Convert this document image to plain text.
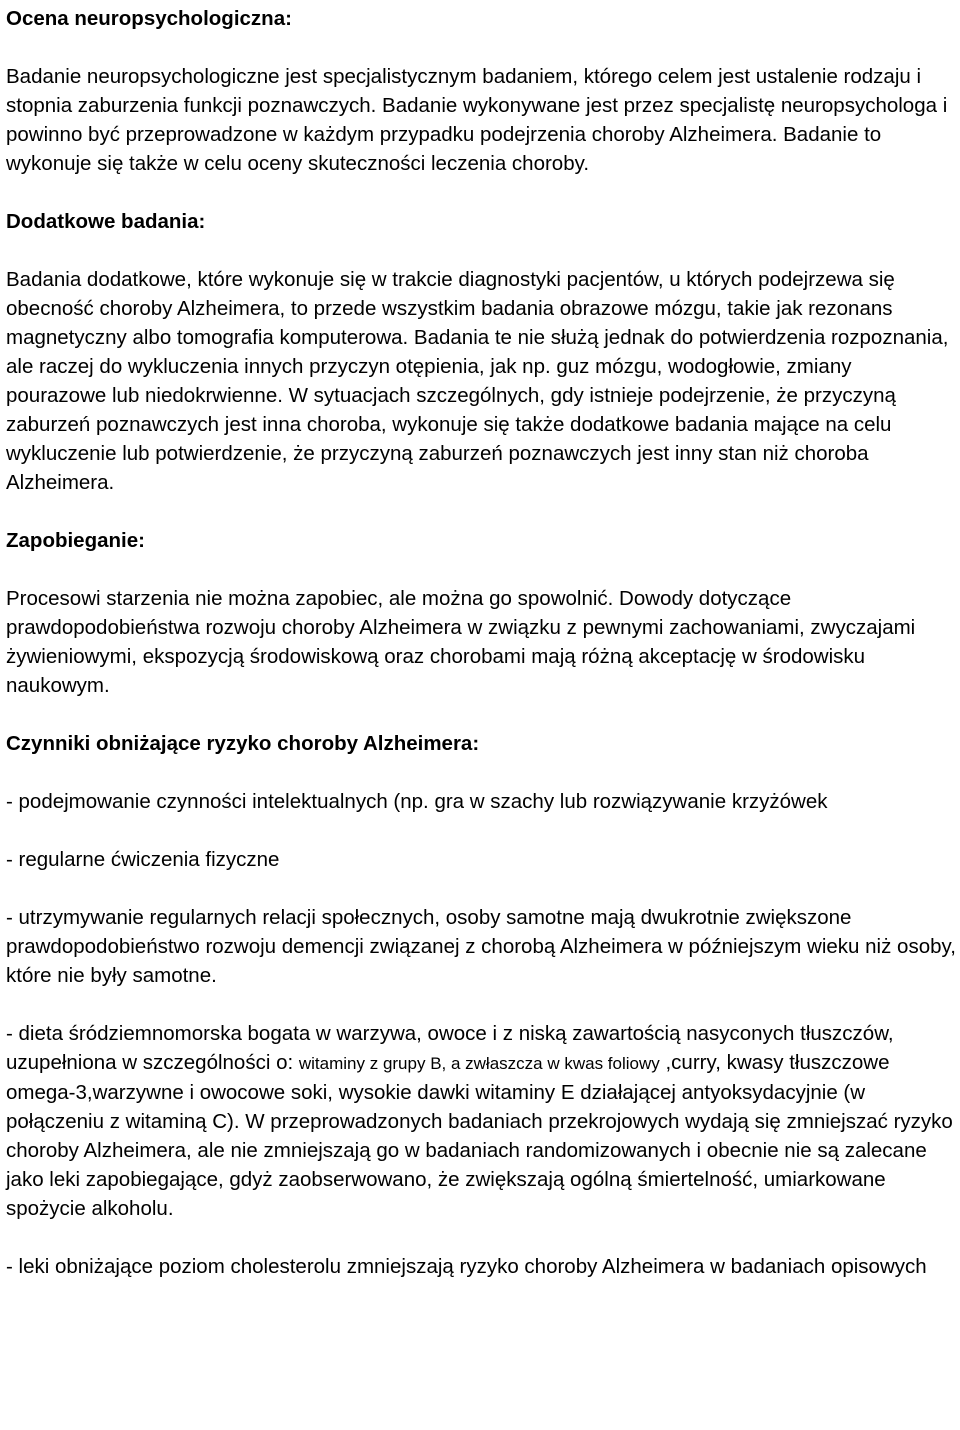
Ocena neuropsychologiczna:

Badanie neuropsychologiczne jest specjalistycznym badaniem, którego celem jest ustalenie rodzaju i stopnia zaburzenia funkcji poznawczych. Badanie wykonywane jest przez specjalistę neuropsychologa i powinno być przeprowadzone w każdym przypadku podejrzenia choroby Alzheimera. Badanie to wykonuje się także w celu oceny skuteczności leczenia choroby.

Dodatkowe badania:

Badania dodatkowe, które wykonuje się w trakcie diagnostyki pacjentów, u których podejrzewa się obecność choroby Alzheimera, to przede wszystkim badania obrazowe mózgu, takie jak rezonans magnetyczny albo tomografia komputerowa. Badania te nie służą jednak do potwierdzenia rozpoznania, ale raczej do wykluczenia innych przyczyn otępienia, jak np. guz mózgu, wodogłowie, zmiany pourazowe lub niedokrwienne. W sytuacjach szczególnych, gdy istnieje podejrzenie, że przyczyną zaburzeń poznawczych jest inna choroba, wykonuje się także dodatkowe badania mające na celu wykluczenie lub potwierdzenie, że przyczyną zaburzeń poznawczych jest inny stan niż choroba Alzheimera.

Zapobieganie:

Procesowi starzenia nie można zapobiec, ale można go spowolnić. Dowody dotyczące prawdopodobieństwa rozwoju choroby Alzheimera w związku z pewnymi zachowaniami, zwyczajami żywieniowymi, ekspozycją środowiskową oraz chorobami mają różną akceptację w środowisku naukowym.

Czynniki obniżające ryzyko choroby Alzheimera:

- podejmowanie czynności intelektualnych (np. gra w szachy lub rozwiązywanie krzyżówek

- regularne ćwiczenia fizyczne

- utrzymywanie regularnych relacji społecznych, osoby samotne mają dwukrotnie zwiększone prawdopodobieństwo rozwoju demencji związanej z chorobą Alzheimera w późniejszym wieku niż osoby, które nie były samotne.

- dieta śródziemnomorska bogata w warzywa, owoce i z niską zawartością nasyconych tłuszczów, uzupełniona w szczególności o: witaminy z grupy B, a zwłaszcza w kwas foliowy ,curry, kwasy tłuszczowe omega-3,warzywne i owocowe soki, wysokie dawki witaminy E działającej antyoksydacyjnie (w połączeniu z witaminą C). W przeprowadzonych badaniach przekrojowych wydają się zmniejszać ryzyko choroby Alzheimera, ale nie zmniejszają go w badaniach randomizowanych i obecnie nie są zalecane jako leki zapobiegające, gdyż zaobserwowano, że zwiększają ogólną śmiertelność, umiarkowane spożycie alkoholu.

- leki obniżające poziom cholesterolu zmniejszają ryzyko choroby Alzheimera w badaniach opisowych
